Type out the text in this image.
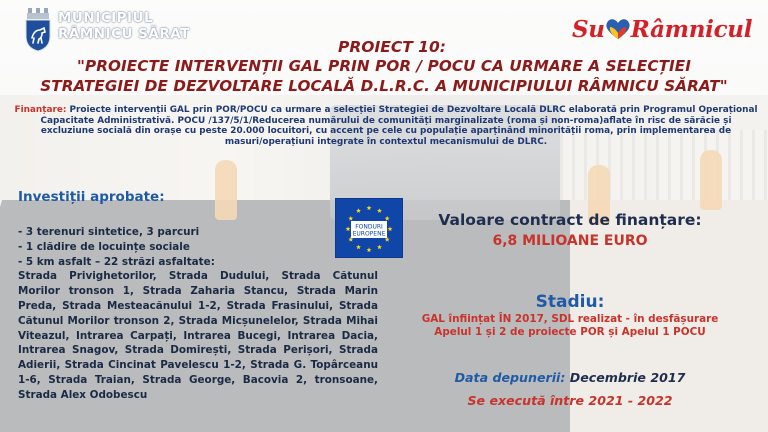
MUNICIPIUL
RÂMNICU SĂRAT	Su Râmnicul
PROIECT 10:
"PROIECTE INTERVENȚII GAL PRIN POR / POCU CA URMARE A SELECȚIEI
STRATEGIEI DE DEZVOLTARE LOCALĂ D.L.R.C. A MUNICIPIULUI RÂMNICU SĂRAT"
Finanțare: Proiecte intervenții GAL prin POR/POCU ca urmare a selecției Strategiei de Dezvoltare Locală DLRC elaborată prin Programul Operațional Capacitate Administrativă. POCU /137/5/1/Reducerea numărului de comunități marginalizate (roma și non-roma)aflate în risc de sărăcie și excluziune socială din orașe cu peste 20.000 locuitori, cu accent pe cele cu populație aparținând minorității roma, prin implementarea de masuri/operațiuni integrate în contextul mecanismului de DLRC.
Investiții aprobate:
- 3 terenuri sintetice, 3 parcuri
- 1 clădire de locuințe sociale
- 5 km asfalt – 22 străzi asfaltate:
Strada Privighetorilor, Strada Dudului, Strada Cătunul Morilor tronson 1, Strada Zaharia Stancu, Strada Marin Preda, Strada Mesteacănului 1-2, Strada Frasinului, Strada Cătunul Morilor tronson 2, Strada Micșunelelor, Strada Mihai Viteazul, Intrarea Carpați, Intrarea Bucegi, Intrarea Dacia, Intrarea Snagov, Strada Domirești, Strada Perișori, Strada Adierii, Strada Cincinat Pavelescu 1-2, Strada G. Topârceanu 1-6, Strada Traian, Strada George, Bacovia 2, tronsoane, Strada Alex Odobescu
FONDURI
EUROPENE
Valoare contract de finanțare:
6,8 MILIOANE EURO
Stadiu:
GAL înființat ÎN 2017, SDL realizat - în desfășurare
Apelul 1 și 2 de proiecte POR și Apelul 1 POCU
Data depunerii: Decembrie 2017
Se execută între 2021 - 2022
